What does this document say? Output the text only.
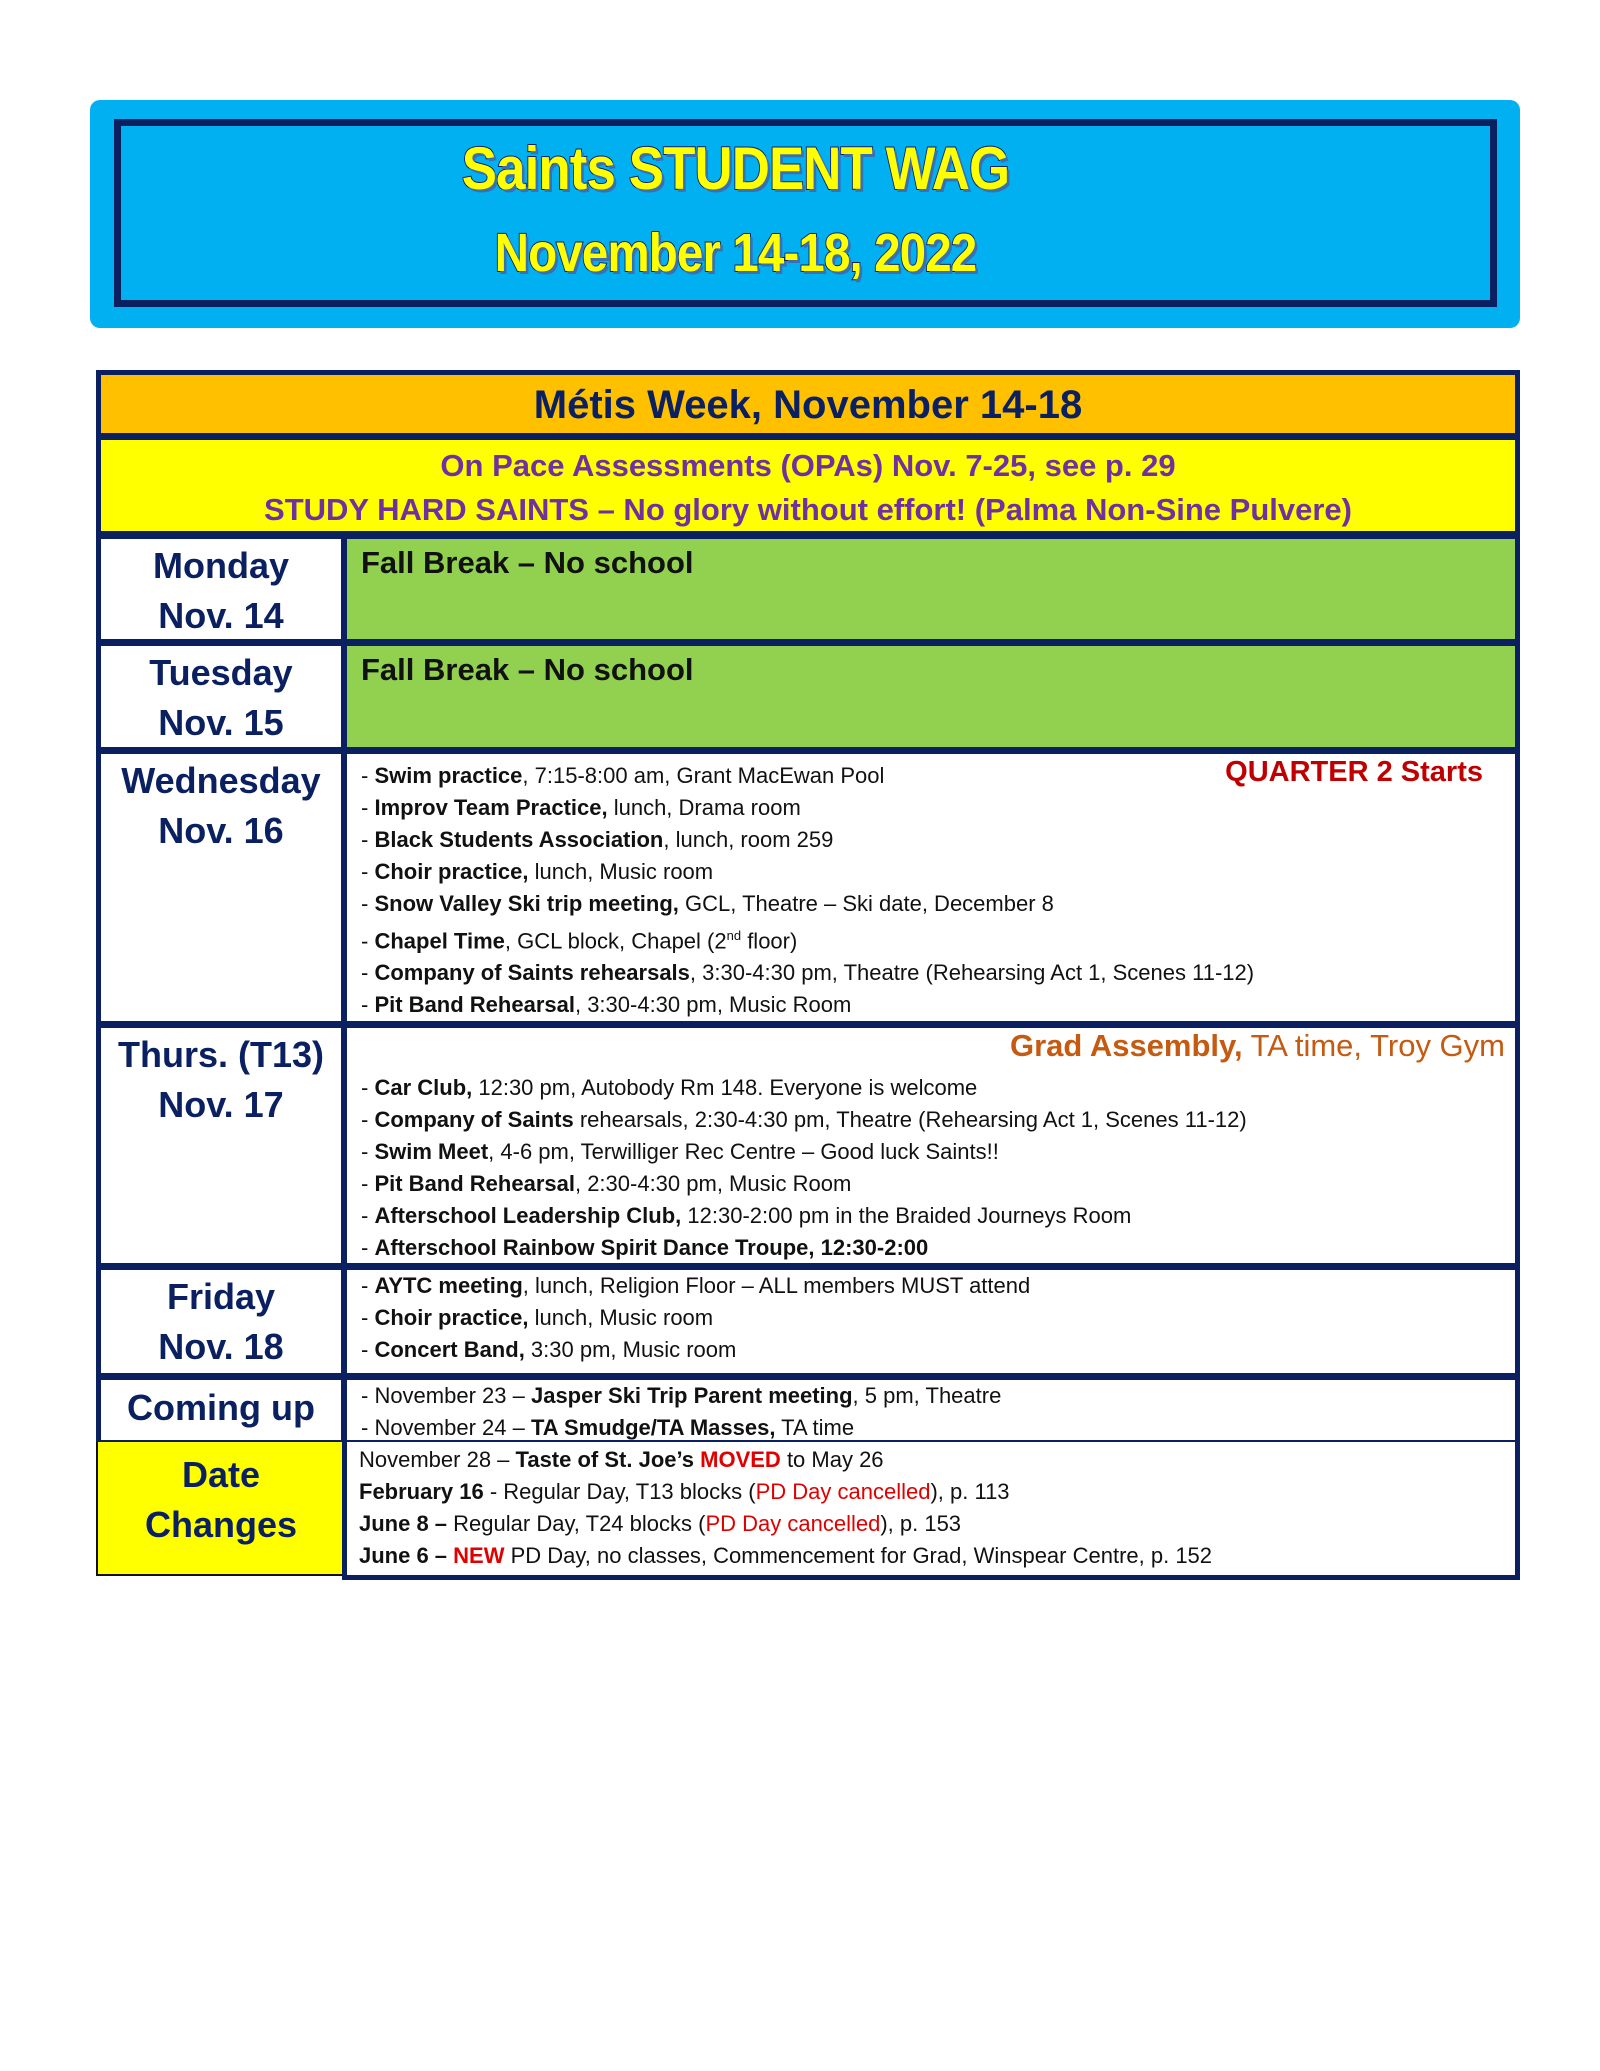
Saints STUDENT WAG
November 14-18, 2022
Métis Week, November 14-18
On Pace Assessments (OPAs) Nov. 7-25, see p. 29
STUDY HARD SAINTS – No glory without effort! (Palma Non-Sine Pulvere)
Monday
Nov. 14
Fall Break – No school
Tuesday
Nov. 15
Fall Break – No school
Wednesday
Nov. 16
QUARTER 2 Starts
- Swim practice, 7:15-8:00 am, Grant MacEwan Pool
- Improv Team Practice, lunch, Drama room
- Black Students Association, lunch, room 259
- Choir practice, lunch, Music room
- Snow Valley Ski trip meeting, GCL, Theatre – Ski date, December 8
- Chapel Time, GCL block, Chapel (2nd floor)
- Company of Saints rehearsals, 3:30-4:30 pm, Theatre (Rehearsing Act 1, Scenes 11-12)
- Pit Band Rehearsal, 3:30-4:30 pm, Music Room
Thurs. (T13)
Nov. 17
Grad Assembly, TA time, Troy Gym
- Car Club, 12:30 pm, Autobody Rm 148. Everyone is welcome
- Company of Saints rehearsals, 2:30-4:30 pm, Theatre (Rehearsing Act 1, Scenes 11-12)
- Swim Meet, 4-6 pm, Terwilliger Rec Centre – Good luck Saints!!
- Pit Band Rehearsal, 2:30-4:30 pm, Music Room
- Afterschool Leadership Club, 12:30-2:00 pm in the Braided Journeys Room
- Afterschool Rainbow Spirit Dance Troupe, 12:30-2:00
Friday
Nov. 18
- AYTC meeting, lunch, Religion Floor – ALL members MUST attend
- Choir practice, lunch, Music room
- Concert Band, 3:30 pm, Music room
Coming up	- November 23 – Jasper Ski Trip Parent meeting, 5 pm, Theatre
- November 24 – TA Smudge/TA Masses, TA time
Date
Changes
November 28 – Taste of St. Joe’s MOVED to May 26
February 16 - Regular Day, T13 blocks (PD Day cancelled), p. 113
June 8 – Regular Day, T24 blocks (PD Day cancelled), p. 153
June 6 – NEW PD Day, no classes, Commencement for Grad, Winspear Centre, p. 152
